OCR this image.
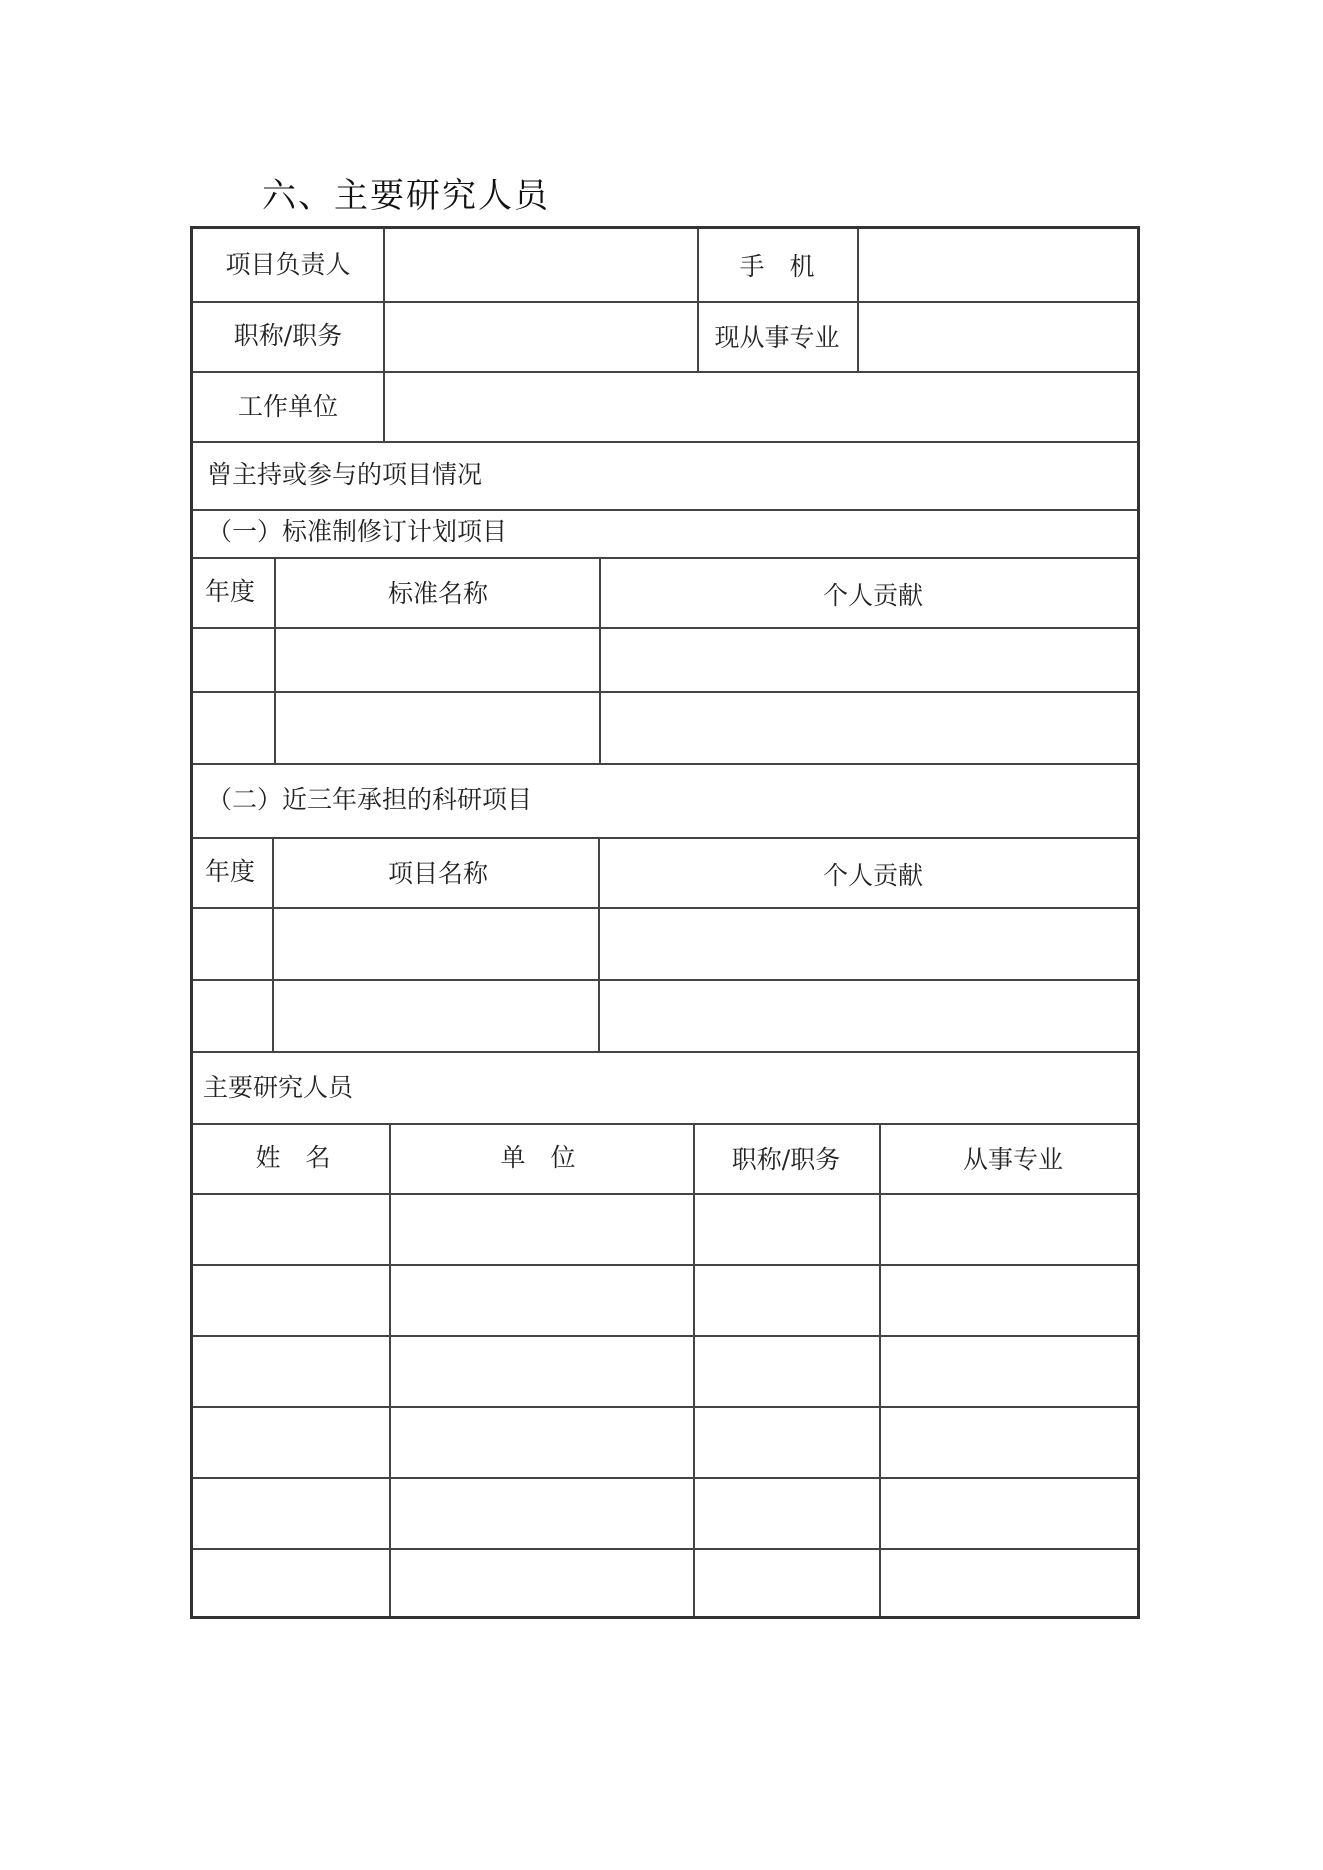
六、主要研究人员
项目负责人	手　机
职称/职务	现从事专业
工作单位
曾主持或参与的项目情况
（一）标准制修订计划项目
年度	标准名称	个人贡献
（二）近三年承担的科研项目
年度	项目名称	个人贡献
主要研究人员
姓　名	单　位	职称/职务	从事专业
